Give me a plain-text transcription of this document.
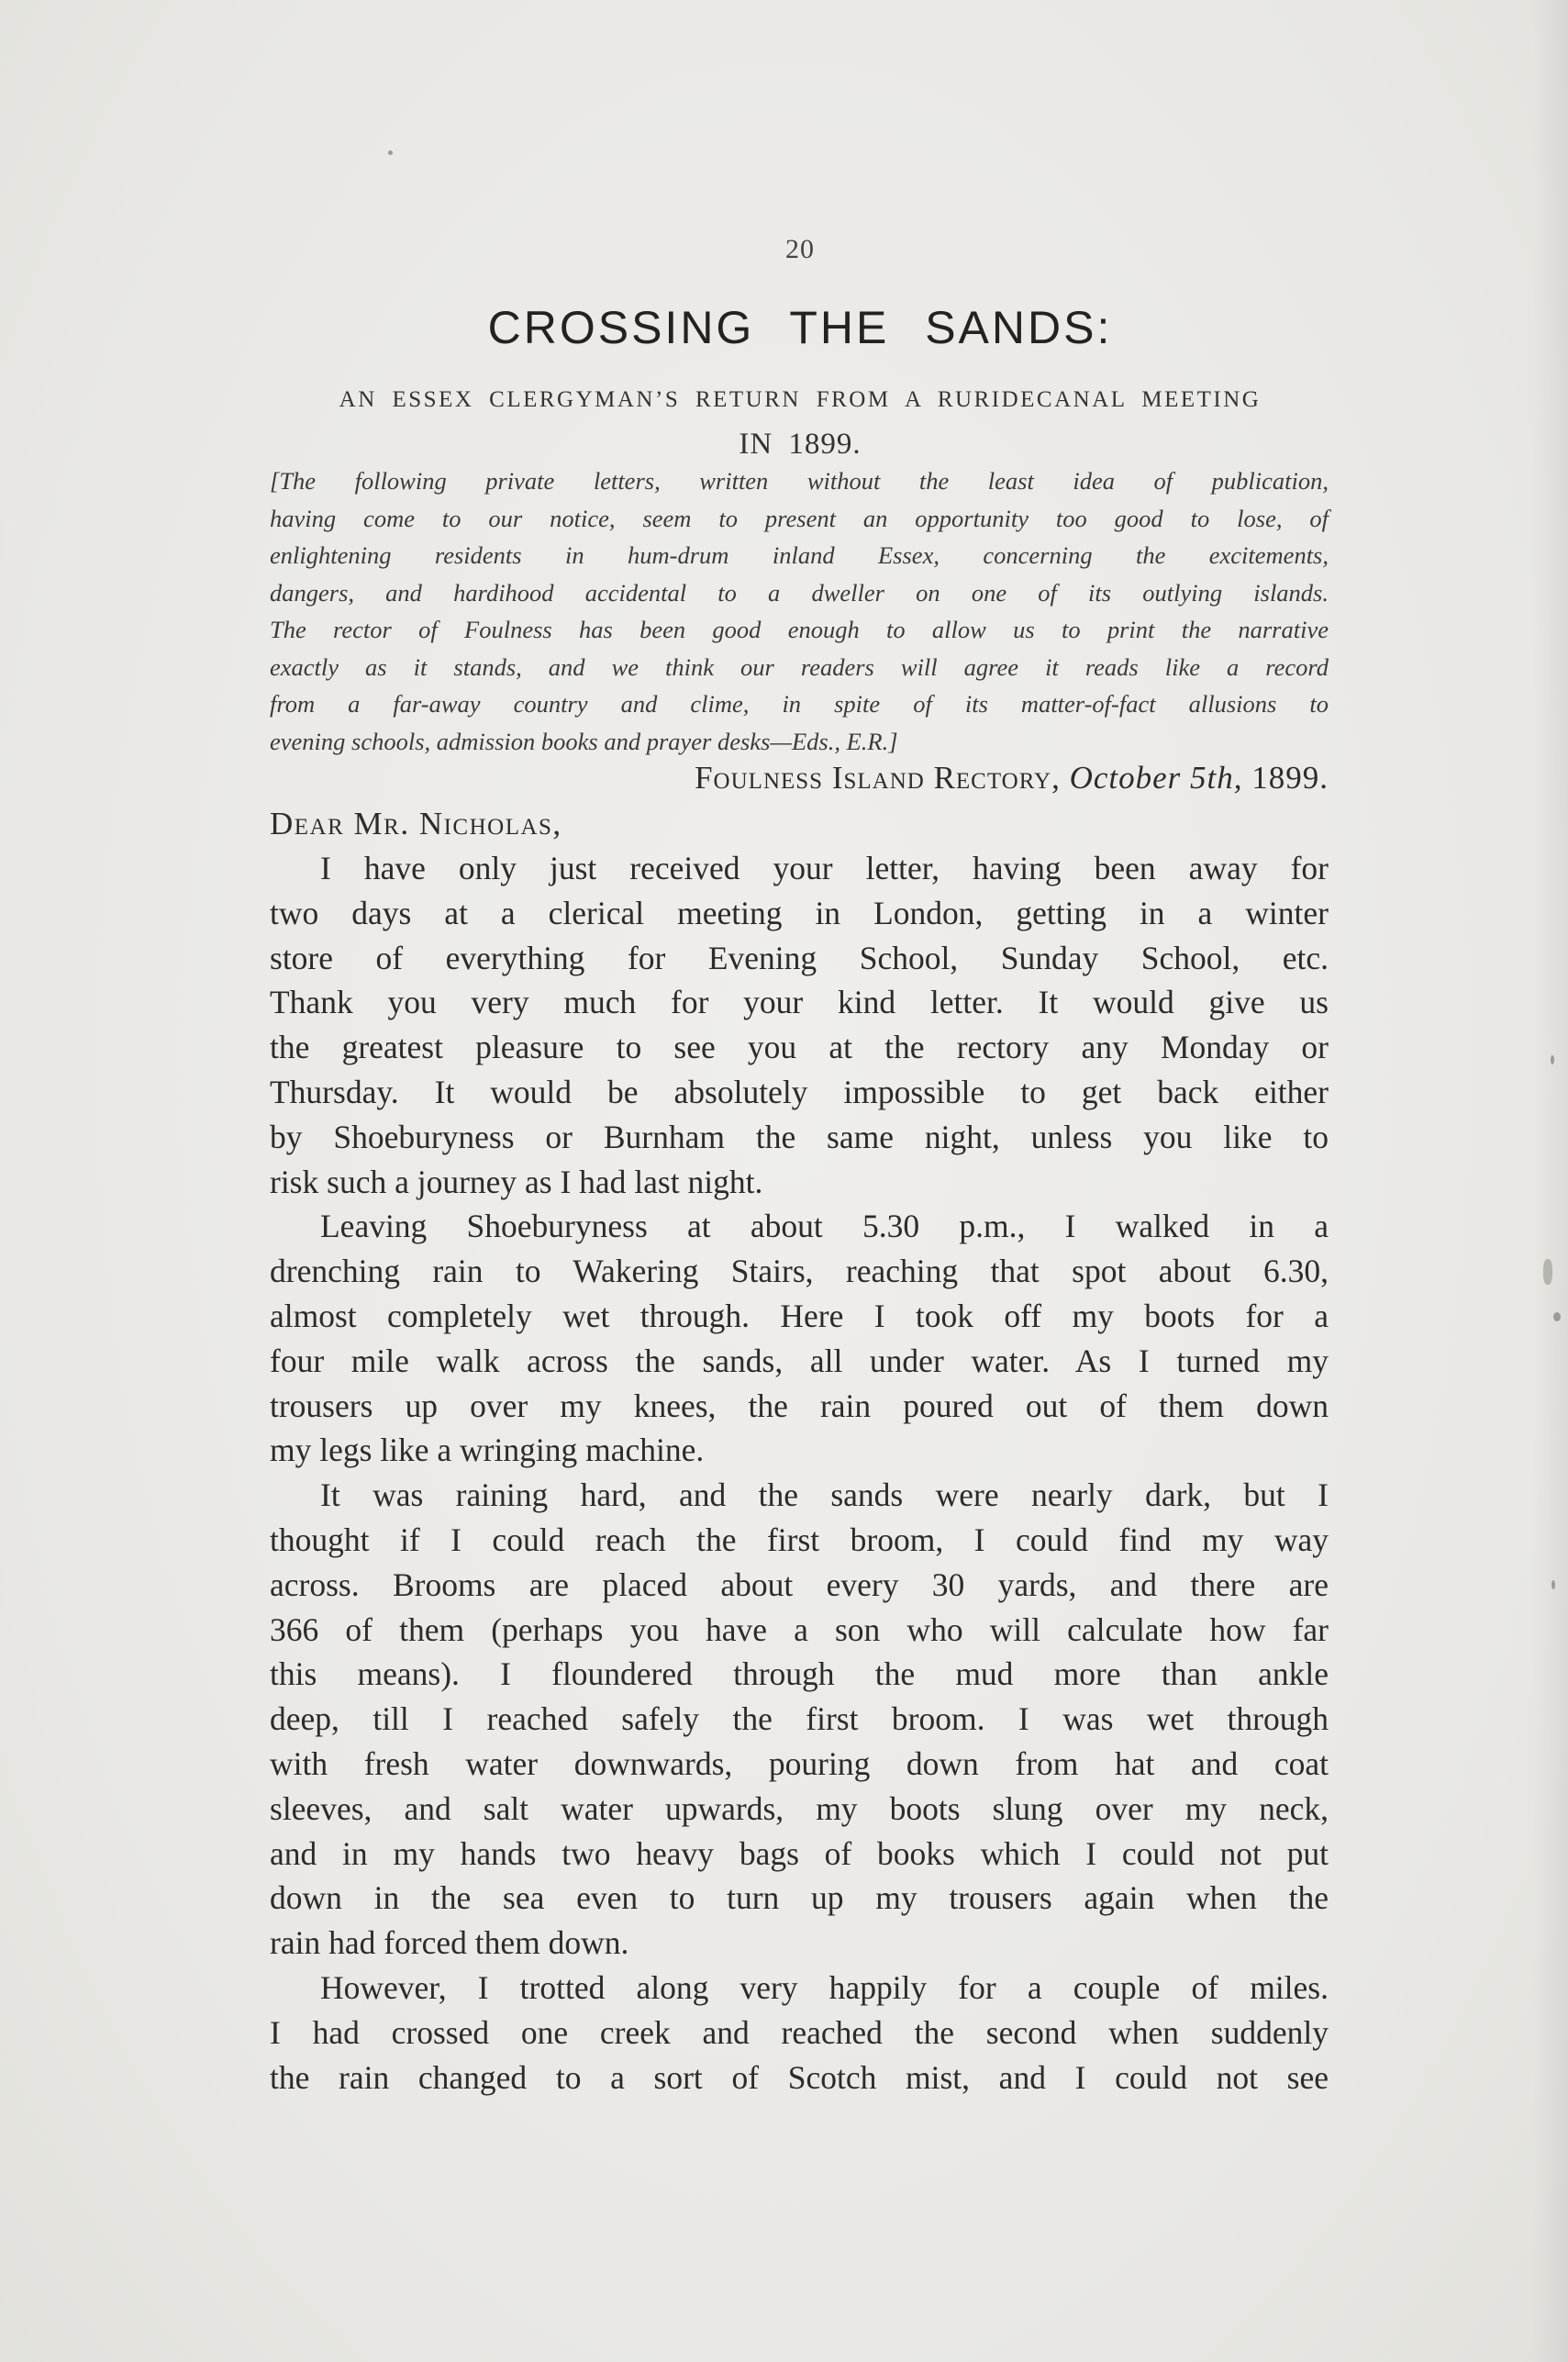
20
CROSSING THE SANDS:
AN ESSEX CLERGYMAN’S RETURN FROM A RURIDECANAL MEETING
IN 1899.
[The following private letters, written without the least idea of publication,
having come to our notice, seem to present an opportunity too good to lose, of
enlightening residents in hum-drum inland Essex, concerning the excitements,
dangers, and hardihood accidental to a dweller on one of its outlying islands.
The rector of Foulness has been good enough to allow us to print the narrative
exactly as it stands, and we think our readers will agree it reads like a record
from a far-away country and clime, in spite of its matter-of-fact allusions to
evening schools, admission books and prayer desks—Eds., E.R.]
Foulness Island Rectory, October 5th, 1899.
Dear Mr. Nicholas,
I have only just received your letter, having been away for
two days at a clerical meeting in London, getting in a winter
store of everything for Evening School, Sunday School, etc.
Thank you very much for your kind letter. It would give us
the greatest pleasure to see you at the rectory any Monday or
Thursday. It would be absolutely impossible to get back either
by Shoeburyness or Burnham the same night, unless you like to
risk such a journey as I had last night.
Leaving Shoeburyness at about 5.30 p.m., I walked in a
drenching rain to Wakering Stairs, reaching that spot about 6.30,
almost completely wet through. Here I took off my boots for a
four mile walk across the sands, all under water. As I turned my
trousers up over my knees, the rain poured out of them down
my legs like a wringing machine.
It was raining hard, and the sands were nearly dark, but I
thought if I could reach the first broom, I could find my way
across. Brooms are placed about every 30 yards, and there are
366 of them (perhaps you have a son who will calculate how far
this means). I floundered through the mud more than ankle
deep, till I reached safely the first broom. I was wet through
with fresh water downwards, pouring down from hat and coat
sleeves, and salt water upwards, my boots slung over my neck,
and in my hands two heavy bags of books which I could not put
down in the sea even to turn up my trousers again when the
rain had forced them down.
However, I trotted along very happily for a couple of miles.
I had crossed one creek and reached the second when suddenly
the rain changed to a sort of Scotch mist, and I could not see
